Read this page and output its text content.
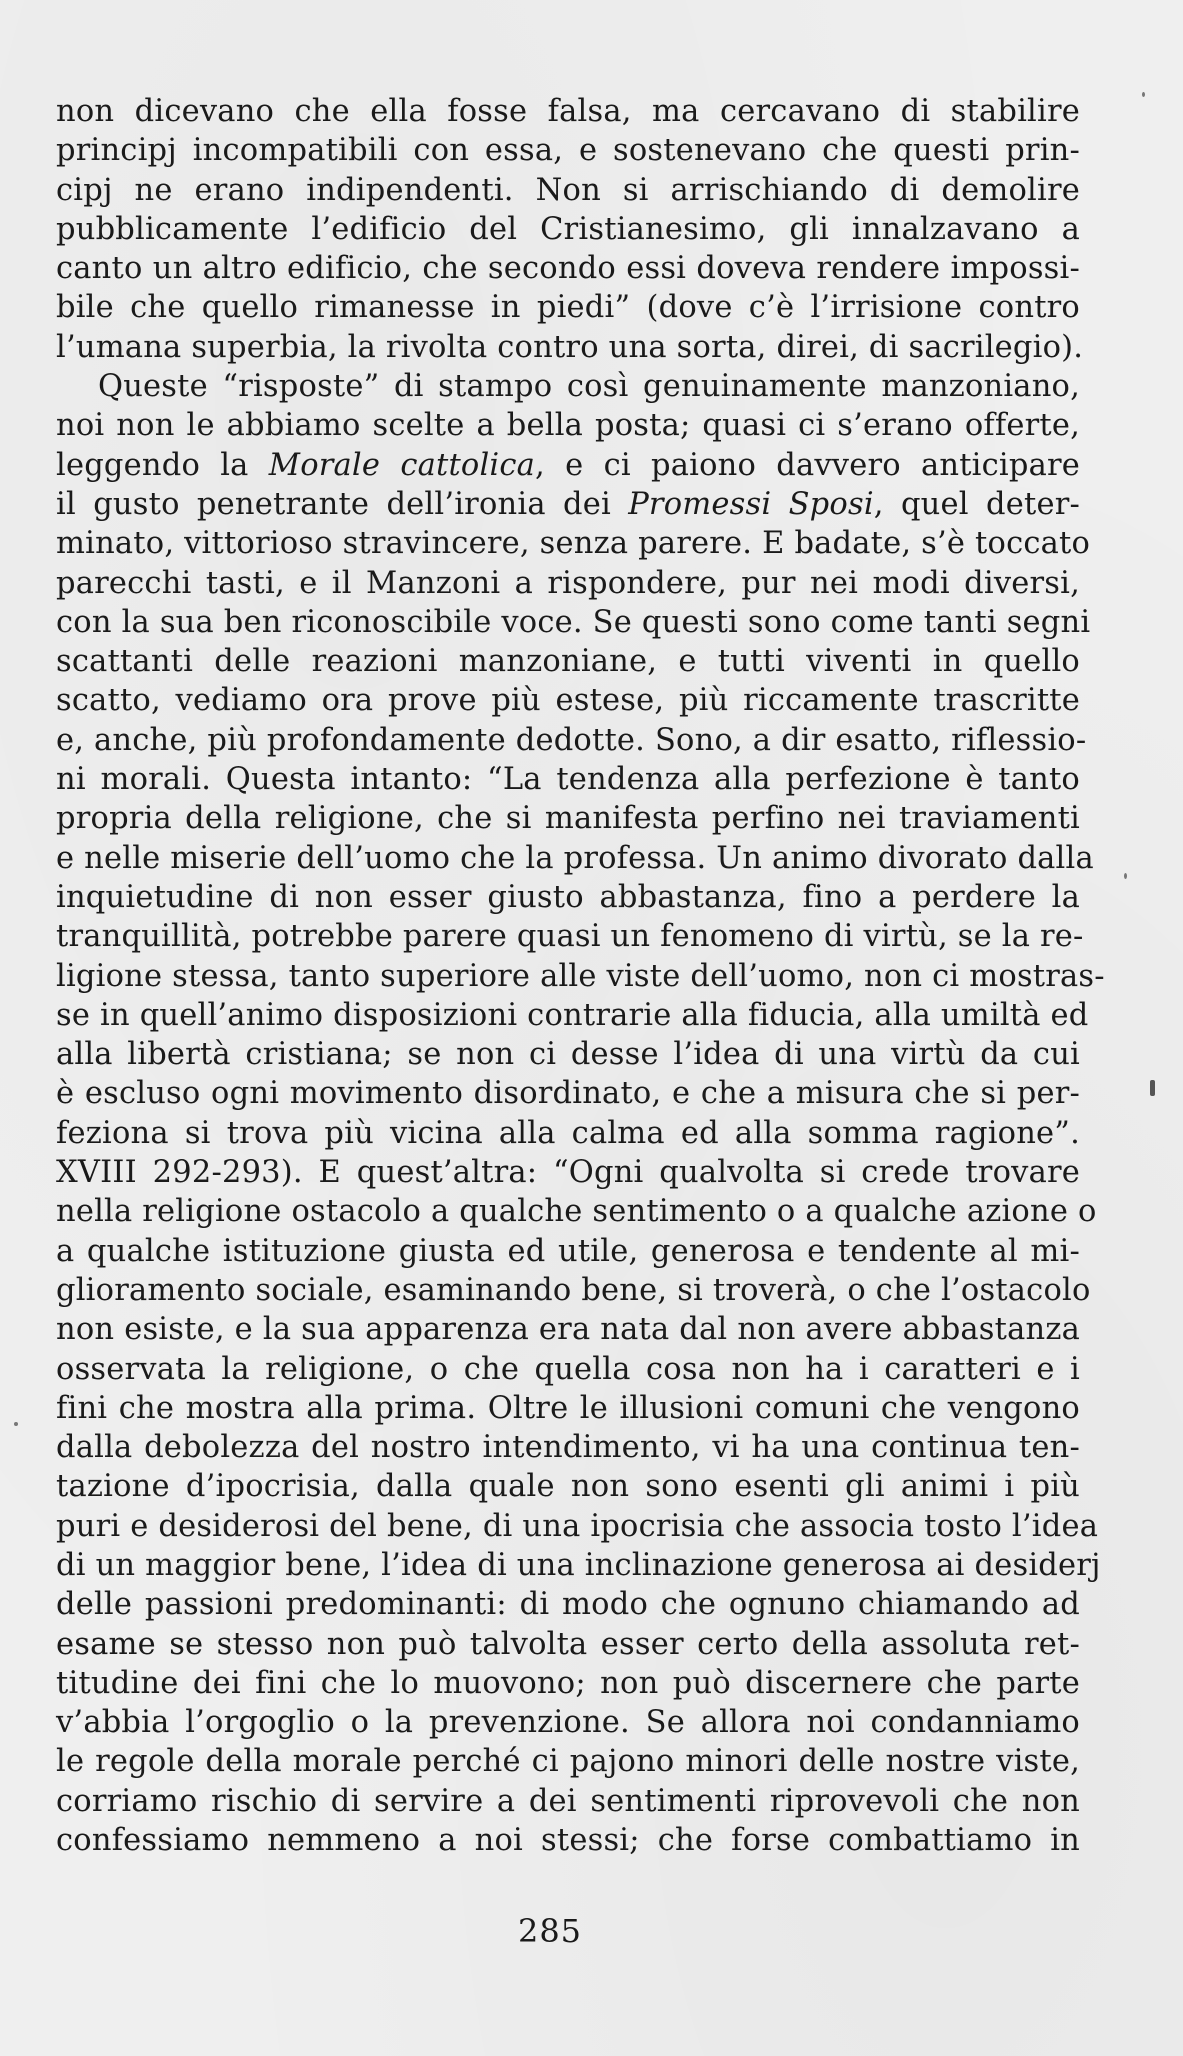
non dicevano che ella fosse falsa, ma cercavano di stabilire
principj incompatibili con essa, e sostenevano che questi prin-
cipj ne erano indipendenti. Non si arrischiando di demolire
pubblicamente l’edificio del Cristianesimo, gli innalzavano a
canto un altro edificio, che secondo essi doveva rendere impossi-
bile che quello rimanesse in piedi” (dove c’è l’irrisione contro
l’umana superbia, la rivolta contro una sorta, direi, di sacrilegio).
Queste “risposte” di stampo così genuinamente manzoniano,
noi non le abbiamo scelte a bella posta; quasi ci s’erano offerte,
leggendo la Morale cattolica, e ci paiono davvero anticipare
il gusto penetrante dell’ironia dei Promessi Sposi, quel deter-
minato, vittorioso stravincere, senza parere. E badate, s’è toccato
parecchi tasti, e il Manzoni a rispondere, pur nei modi diversi,
con la sua ben riconoscibile voce. Se questi sono come tanti segni
scattanti delle reazioni manzoniane, e tutti viventi in quello
scatto, vediamo ora prove più estese, più riccamente trascritte
e, anche, più profondamente dedotte. Sono, a dir esatto, riflessio-
ni morali. Questa intanto: “La tendenza alla perfezione è tanto
propria della religione, che si manifesta perfino nei traviamenti
e nelle miserie dell’uomo che la professa. Un animo divorato dalla
inquietudine di non esser giusto abbastanza, fino a perdere la
tranquillità, potrebbe parere quasi un fenomeno di virtù, se la re-
ligione stessa, tanto superiore alle viste dell’uomo, non ci mostras-
se in quell’animo disposizioni contrarie alla fiducia, alla umiltà ed
alla libertà cristiana; se non ci desse l’idea di una virtù da cui
è escluso ogni movimento disordinato, e che a misura che si per-
feziona si trova più vicina alla calma ed alla somma ragione”.
XVIII 292-293). E quest’altra: “Ogni qualvolta si crede trovare
nella religione ostacolo a qualche sentimento o a qualche azione o
a qualche istituzione giusta ed utile, generosa e tendente al mi-
glioramento sociale, esaminando bene, si troverà, o che l’ostacolo
non esiste, e la sua apparenza era nata dal non avere abbastanza
osservata la religione, o che quella cosa non ha i caratteri e i
fini che mostra alla prima. Oltre le illusioni comuni che vengono
dalla debolezza del nostro intendimento, vi ha una continua ten-
tazione d’ipocrisia, dalla quale non sono esenti gli animi i più
puri e desiderosi del bene, di una ipocrisia che associa tosto l’idea
di un maggior bene, l’idea di una inclinazione generosa ai desiderj
delle passioni predominanti: di modo che ognuno chiamando ad
esame se stesso non può talvolta esser certo della assoluta ret-
titudine dei fini che lo muovono; non può discernere che parte
v’abbia l’orgoglio o la prevenzione. Se allora noi condanniamo
le regole della morale perché ci pajono minori delle nostre viste,
corriamo rischio di servire a dei sentimenti riprovevoli che non
confessiamo nemmeno a noi stessi; che forse combattiamo in
285
